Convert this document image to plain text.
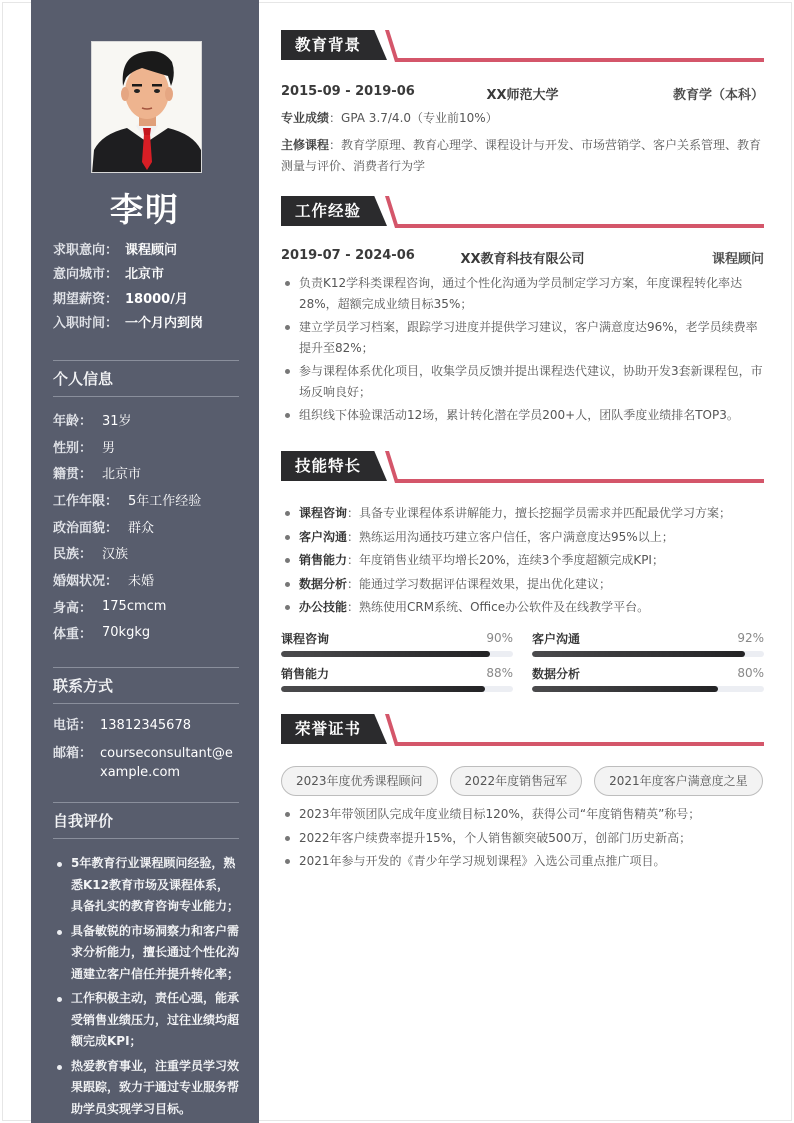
李明
求职意向： 课程顾问
意向城市： 北京市
期望薪资： 18000/月
入职时间： 一个月内到岗
个人信息
年龄： 31岁
性别： 男
籍贯： 北京市
工作年限： 5年工作经验
政治面貌： 群众
民族： 汉族
婚姻状况： 未婚
身高： 175cmcm
体重： 70kgkg
联系方式
电话： 13812345678
邮箱： courseconsultant@example.com
自我评价
5年教育行业课程顾问经验，熟悉K12教育市场及课程体系，具备扎实的教育咨询专业能力；
具备敏锐的市场洞察力和客户需求分析能力，擅长通过个性化沟通建立客户信任并提升转化率；
工作积极主动，责任心强，能承受销售业绩压力，过往业绩均超额完成KPI；
热爱教育事业，注重学员学习效果跟踪，致力于通过专业服务帮助学员实现学习目标。
教育背景
2015-09 - 2019-06	XX师范大学	教育学（本科）
专业成绩：GPA 3.7/4.0（专业前10%）
主修课程：教育学原理、教育心理学、课程设计与开发、市场营销学、客户关系管理、教育测量与评价、消费者行为学
工作经验
2019-07 - 2024-06	XX教育科技有限公司	课程顾问
负责K12学科类课程咨询，通过个性化沟通为学员制定学习方案，年度课程转化率达28%，超额完成业绩目标35%；
建立学员学习档案，跟踪学习进度并提供学习建议，客户满意度达96%，老学员续费率提升至82%；
参与课程体系优化项目，收集学员反馈并提出课程迭代建议，协助开发3套新课程包，市场反响良好；
组织线下体验课活动12场，累计转化潜在学员200+人，团队季度业绩排名TOP3。
技能特长
课程咨询：具备专业课程体系讲解能力，擅长挖掘学员需求并匹配最优学习方案；
客户沟通：熟练运用沟通技巧建立客户信任，客户满意度达95%以上；
销售能力：年度销售业绩平均增长20%，连续3个季度超额完成KPI；
数据分析：能通过学习数据评估课程效果，提出优化建议；
办公技能：熟练使用CRM系统、Office办公软件及在线教学平台。
课程咨询	90% 客户沟通	92%
销售能力	88% 数据分析	80%
荣誉证书
2023年度优秀课程顾问	2022年度销售冠军	2021年度客户满意度之星
2023年带领团队完成年度业绩目标120%，获得公司“年度销售精英”称号；
2022年客户续费率提升15%，个人销售额突破500万，创部门历史新高；
2021年参与开发的《青少年学习规划课程》入选公司重点推广项目。
